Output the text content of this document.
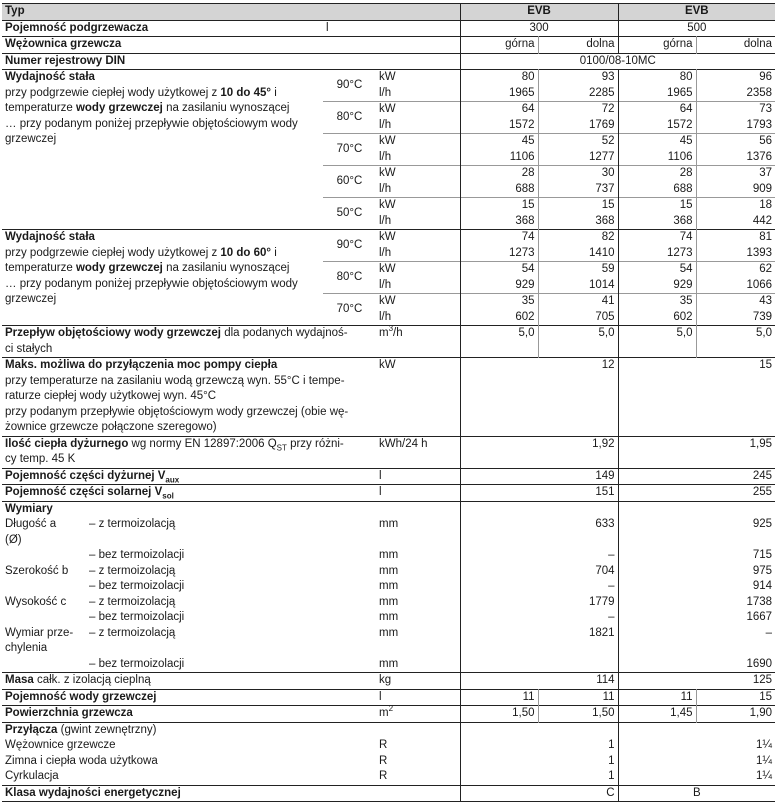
Typ			EVB		EVB	
Pojemność podgrzewacza	l		300		500	
Wężownica grzewcza			górna	dolna	górna	dolna
Numer rejestrowy DIN			0100/08-10MC			

Wydajność stała
przy podgrzewie ciepłej wody użytkowej z 10 do 45° i
temperaturze wody grzewczej na zasilaniu wynoszącej
… przy podanym poniżej przepływie objętościowym wody
grzewczej	90°C	kW	80	93	80	96
		l/h	1965	2285	1965	2358
	80°C	kW	64	72	64	73
		l/h	1572	1769	1572	1793
	70°C	kW	45	52	45	56
		l/h	1106	1277	1106	1376
	60°C	kW	28	30	28	37
		l/h	688	737	688	909
	50°C	kW	15	15	15	18
		l/h	368	368	368	442

Wydajność stała
przy podgrzewie ciepłej wody użytkowej z 10 do 60° i
temperaturze wody grzewczej na zasilaniu wynoszącej
… przy podanym poniżej przepływie objętościowym wody
grzewczej	90°C	kW	74	82	74	81
		l/h	1273	1410	1273	1393
	80°C	kW	54	59	54	62
		l/h	929	1014	929	1066
	70°C	kW	35	41	35	43
		l/h	602	705	602	739
Przepływ objętościowy wody grzewczej dla podanych wydajnoś-		$m^3/h$	5,0	5,0	5,0	5,0
ci stałych						

Maks. możliwa do przyłączenia moc pompy ciepła
przy temperaturze na zasilaniu wodą grzewczą wyn. 55°C i tempe-
raturze ciepłej wody użytkowej wyn. 45°C
przy podanym przepływie objętościowym wody grzewczej (obie wę-
żownice grzewcze połączone szeregowo)		kW	12		15	

Ilość ciepła dyżurnego wg normy EN 12897:2006 $Q_{ST}$ przy różni-
cy temp. 45 K		kWh/24 h	1,92		1,95	
Pojemność części dyżurnej $V_{aux}$		l	149		245	
Pojemność części solarnej $V_{sol}$		l	151		255	
Wymiary						

Długość a
(Ø)
– z termoizolacją		mm	633		925	

– bez termoizolacji		mm	–		715	

Szerokość b – z termoizolacją		mm	704		975	

– bez termoizolacji		mm	–		914	

Wysokość c – z termoizolacją		mm	1779		1738	

– bez termoizolacji		mm	–		1667	

Wymiar prze-
chylenia
– z termoizolacją		mm	1821		–	

– bez termoizolacji		mm			1690	
Masa całk. z izolacją cieplną		kg	114		125	
Pojemność wody grzewczej		l	11	11	11	15
Powierzchnia grzewcza		$m^2$	1,50	1,50	1,45	1,90
Przyłącza (gwint zewnętrzny)						
Wężownice grzewcze		R	1		1¼	
Zimna i ciepła woda użytkowa		R	1		1¼	
Cyrkulacja		R	1		1¼	
Klasa wydajności energetycznej			C		B	
